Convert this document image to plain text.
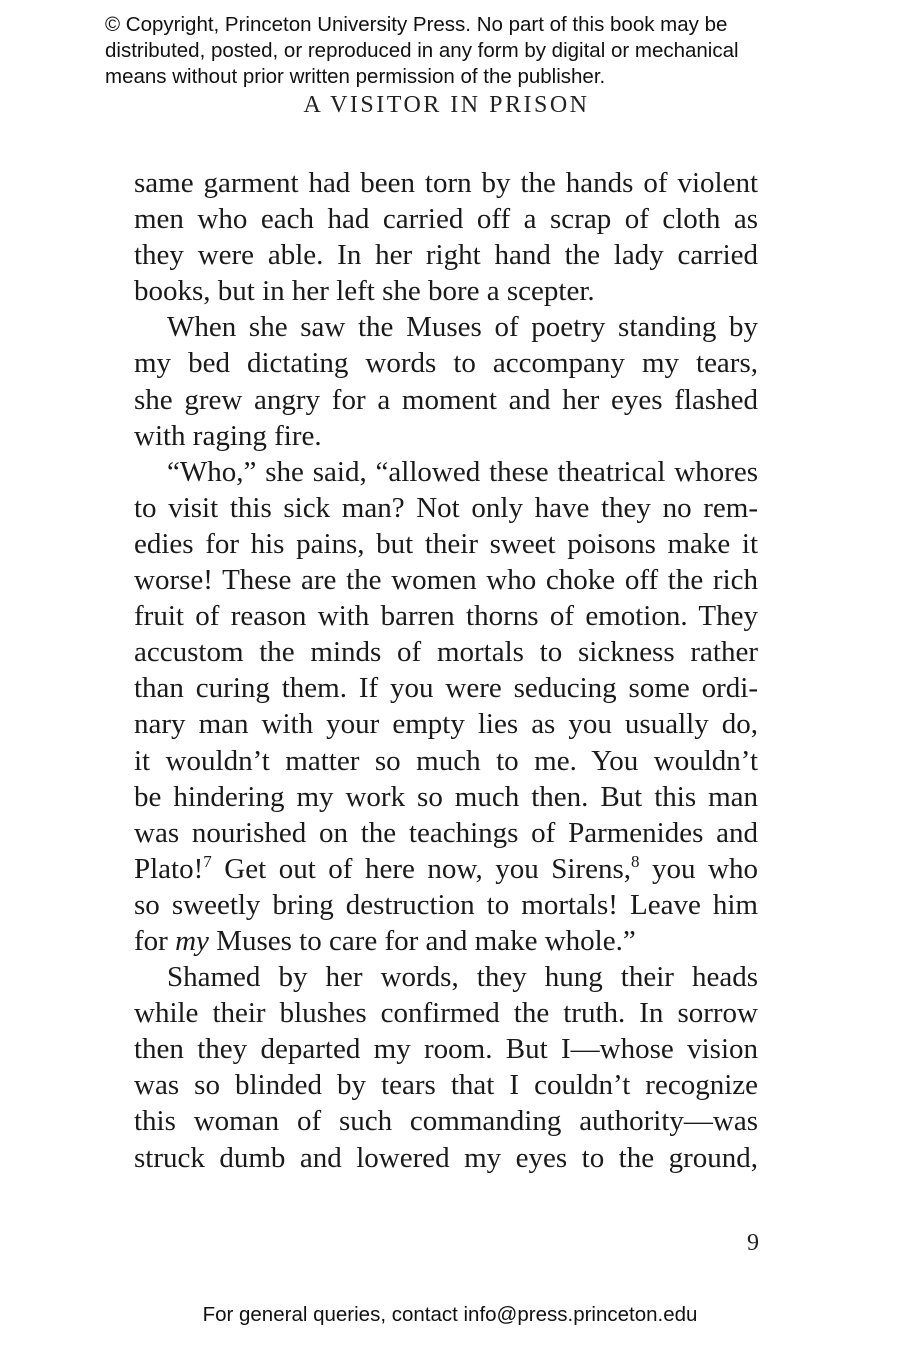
© Copyright, Princeton University Press. No part of this book may be
distributed, posted, or reproduced in any form by digital or mechanical
means without prior written permission of the publisher.
A VISITOR IN PRISON
same garment had been torn by the hands of violent
men who each had carried off a scrap of cloth as
they were able. In her right hand the lady carried
books, but in her left she bore a scepter.
When she saw the Muses of poetry standing by
my bed dictating words to accompany my tears,
she grew angry for a moment and her eyes flashed
with raging fire.
“Who,” she said, “allowed these theatrical whores
to visit this sick man? Not only have they no rem-
edies for his pains, but their sweet poisons make it
worse! These are the women who choke off the rich
fruit of reason with barren thorns of emotion. They
accustom the minds of mortals to sickness rather
than curing them. If you were seducing some ordi-
nary man with your empty lies as you usually do,
it wouldn’t matter so much to me. You wouldn’t
be hindering my work so much then. But this man
was nourished on the teachings of Parmenides and
Plato!$^7$ Get out of here now, you Sirens,$^8$ you who
so sweetly bring destruction to mortals! Leave him
for my Muses to care for and make whole.”
Shamed by her words, they hung their heads
while their blushes confirmed the truth. In sorrow
then they departed my room. But I—whose vision
was so blinded by tears that I couldn’t recognize
this woman of such commanding authority—was
struck dumb and lowered my eyes to the ground,
9
For general queries, contact info@press.princeton.edu
